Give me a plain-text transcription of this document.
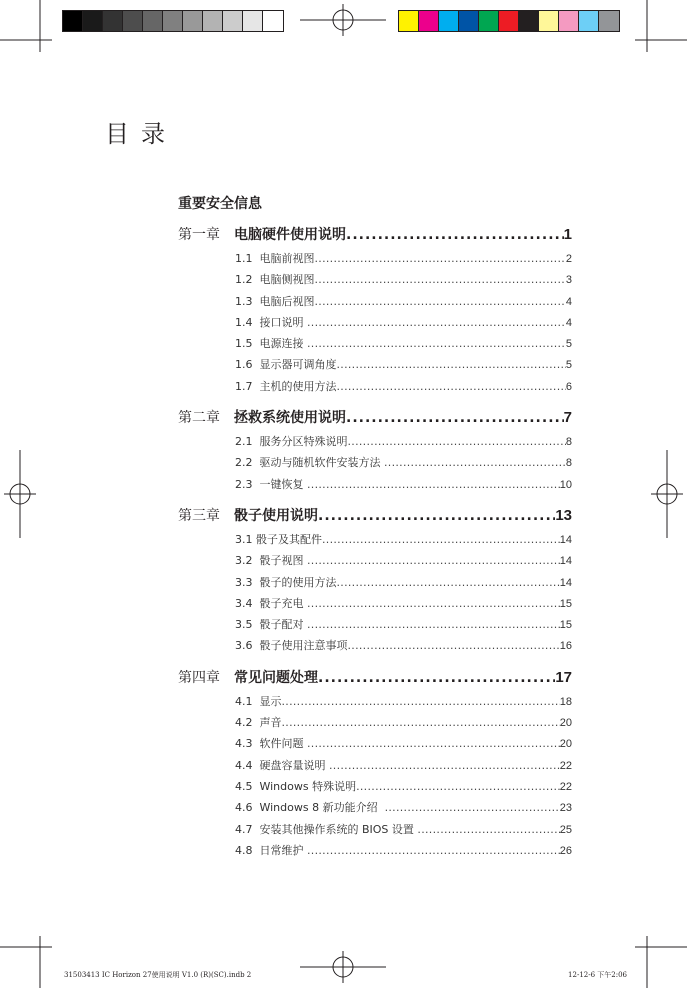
目 录
重要安全信息
第一章	电脑硬件使用说明 .....	1
1.1  电脑前视图 .....	2
1.2  电脑侧视图 .....	3
1.3  电脑后视图 .....	4
1.4  接口说明 .....	4
1.5  电源连接 .....	5
1.6  显示器可调角度 .....	5
1.7  主机的使用方法 .....	6
第二章	拯救系统使用说明 .....	7
2.1  服务分区特殊说明 .....	8
2.2  驱动与随机软件安装方法 .....	8
2.3  一键恢复 .....	10
第三章	骰子使用说明 .....	13
3.1 骰子及其配件 .....	14
3.2  骰子视图 .....	14
3.3  骰子的使用方法 .....	14
3.4  骰子充电 .....	15
3.5  骰子配对 .....	15
3.6  骰子使用注意事项 .....	16
第四章	常见问题处理 .....	17
4.1  显示 .....	18
4.2  声音 .....	20
4.3  软件问题 .....	20
4.4  硬盘容量说明 .....	22
4.5  Windows 特殊说明 .....	22
4.6  Windows 8 新功能介绍 .....	23
4.7  安装其他操作系统的 BIOS 设置 .....	25
4.8  日常维护 .....	26
31503413 IC Horizon 27使用说明 V1.0 (R)(SC).indb 2	12-12-6 下午2:06
